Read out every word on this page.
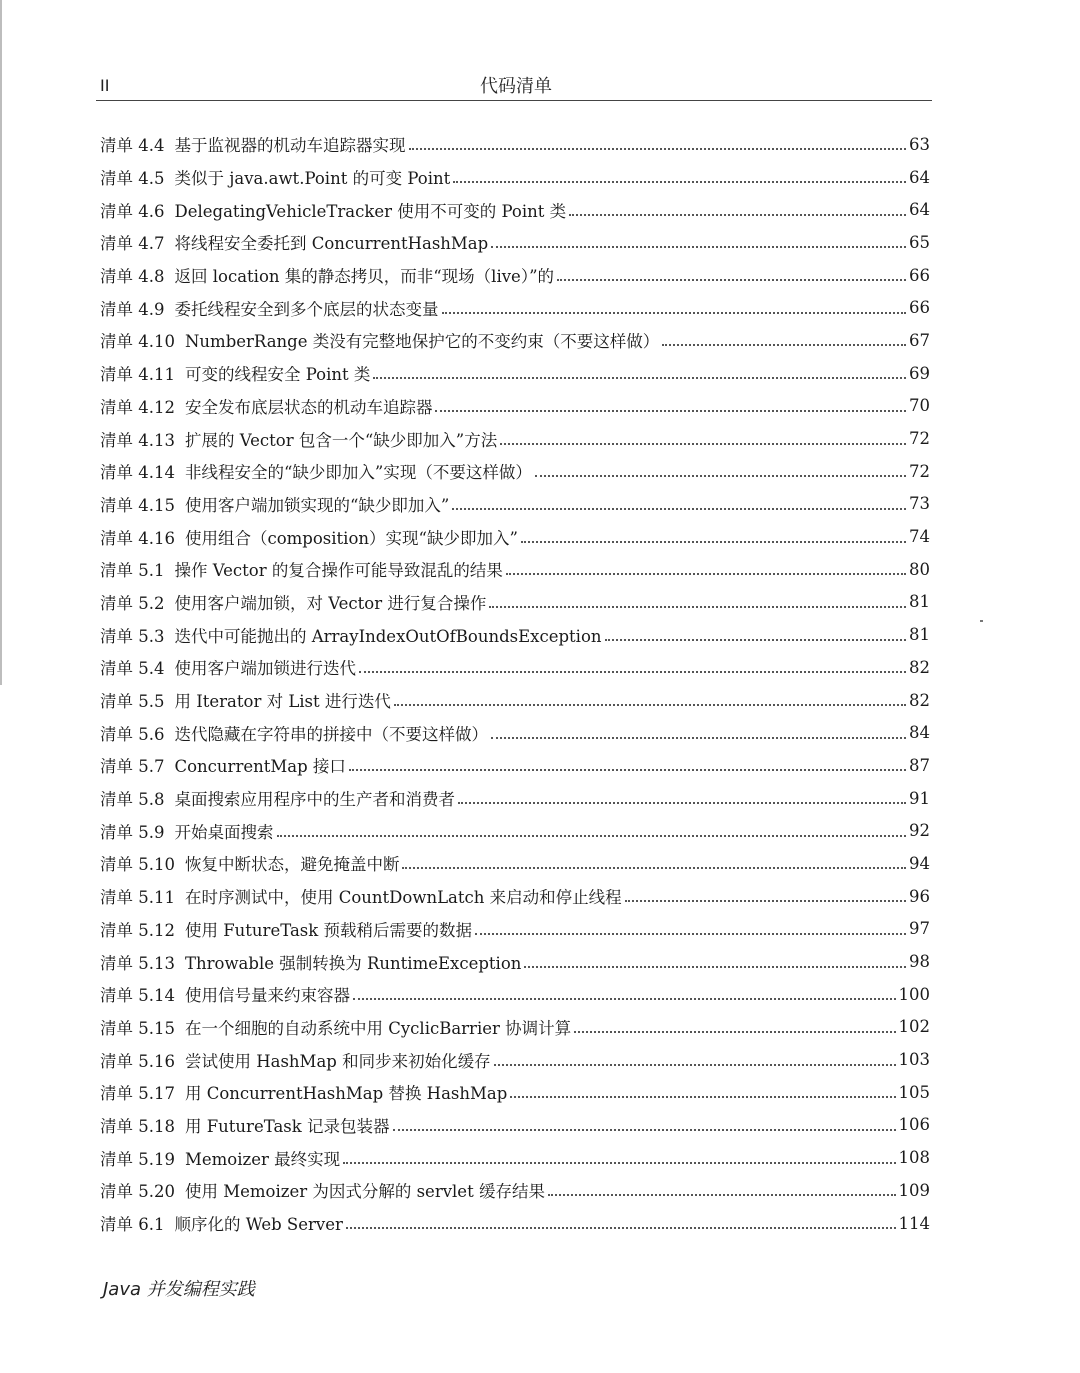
II	代码清单
清单 4.4 基于监视器的机动车追踪器实现	63
清单 4.5 类似于 java.awt.Point 的可变 Point	64
清单 4.6 DelegatingVehicleTracker 使用不可变的 Point 类	64
清单 4.7 将线程安全委托到 ConcurrentHashMap	65
清单 4.8 返回 location 集的静态拷贝，而非“现场（live）”的	66
清单 4.9 委托线程安全到多个底层的状态变量	66
清单 4.10 NumberRange 类没有完整地保护它的不变约束（不要这样做）	67
清单 4.11 可变的线程安全 Point 类	69
清单 4.12 安全发布底层状态的机动车追踪器	70
清单 4.13 扩展的 Vector 包含一个“缺少即加入”方法	72
清单 4.14 非线程安全的“缺少即加入”实现（不要这样做）	72
清单 4.15 使用客户端加锁实现的“缺少即加入”	73
清单 4.16 使用组合（composition）实现“缺少即加入”	74
清单 5.1 操作 Vector 的复合操作可能导致混乱的结果	80
清单 5.2 使用客户端加锁，对 Vector 进行复合操作	81
清单 5.3 迭代中可能抛出的 ArrayIndexOutOfBoundsException	81
清单 5.4 使用客户端加锁进行迭代	82
清单 5.5 用 Iterator 对 List 进行迭代	82
清单 5.6 迭代隐藏在字符串的拼接中（不要这样做）	84
清单 5.7 ConcurrentMap 接口	87
清单 5.8 桌面搜索应用程序中的生产者和消费者	91
清单 5.9 开始桌面搜索	92
清单 5.10 恢复中断状态，避免掩盖中断	94
清单 5.11 在时序测试中，使用 CountDownLatch 来启动和停止线程	96
清单 5.12 使用 FutureTask 预载稍后需要的数据	97
清单 5.13 Throwable 强制转换为 RuntimeException	98
清单 5.14 使用信号量来约束容器	100
清单 5.15 在一个细胞的自动系统中用 CyclicBarrier 协调计算	102
清单 5.16 尝试使用 HashMap 和同步来初始化缓存	103
清单 5.17 用 ConcurrentHashMap 替换 HashMap	105
清单 5.18 用 FutureTask 记录包装器	106
清单 5.19 Memoizer 最终实现	108
清单 5.20 使用 Memoizer 为因式分解的 servlet 缓存结果	109
清单 6.1 顺序化的 Web Server	114
Java 并发编程实践
